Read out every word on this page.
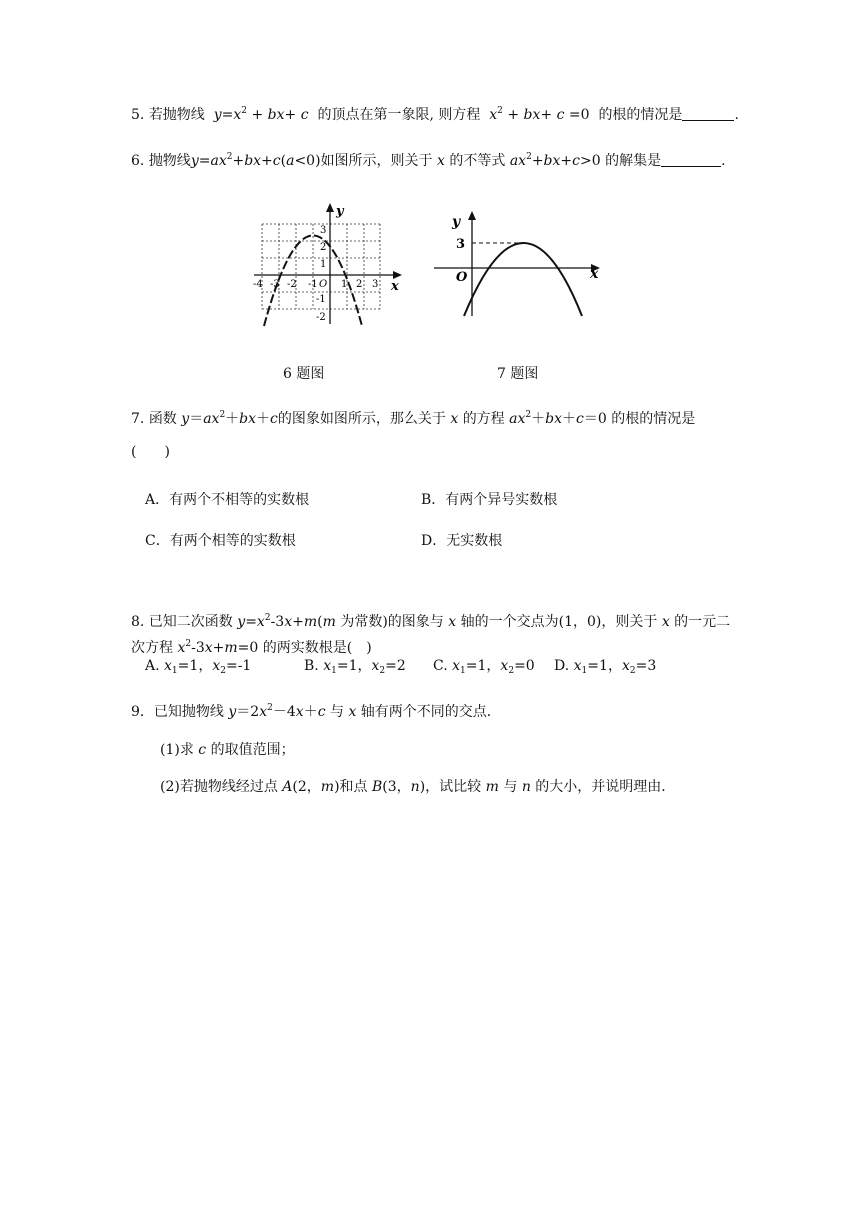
5. 若抛物线 $y=x^2 + bx+ c$ 的顶点在第一象限, 则方程 $x^2 + bx+ c =0$ 的根的情况是	.
6. 抛物线$y=ax^2+bx+c(a<0)$如图所示，则关于 x 的不等式 $ax^2+bx+c>0$ 的解集是	.
y
x
-4 -3 -2 -1 O 1 2 3
3
2
1
-1
-2
y
x
O
3
6 题图	7 题图
7. 函数 $y=ax^2+bx+c$的图象如图所示，那么关于 x 的方程 $ax^2+bx+c=0$ 的根的情况是
(　　)
A．有两个不相等的实数根	B．有两个异号实数根
C．有两个相等的实数根	D．无实数根
8. 已知二次函数 $y=x^2-3x+m(m$ 为常数)的图象与 x 轴的一个交点为(1，0)，则关于 x 的一元二
次方程 $x^2-3x+m=0$ 的两实数根是(　)
A. $x_1=1$，$x_2=-1$	B. $x_1=1$，$x_2=2$ C. $x_1=1$，$x_2=0$ D. $x_1=1$，$x_2=3$
9．已知抛物线 $y=2x^2-4x+c$ 与 x 轴有两个不同的交点．
(1)求 c 的取值范围；
(2)若抛物线经过点 A(2，m)和点 B(3，n)，试比较 m 与 n 的大小，并说明理由．
